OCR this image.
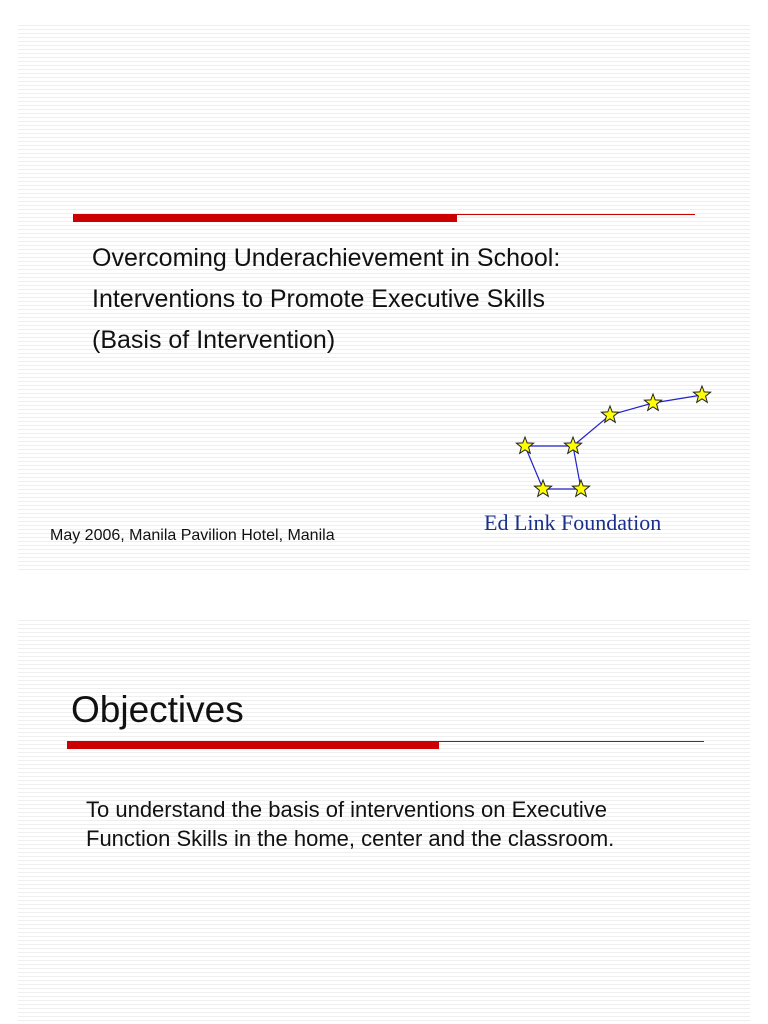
Overcoming Underachievement in School:
Interventions to Promote Executive Skills
(Basis of Intervention)
Ed Link Foundation
May 2006, Manila Pavilion Hotel, Manila
Objectives
To understand the basis of interventions on Executive
Function Skills in the home, center and the classroom.
